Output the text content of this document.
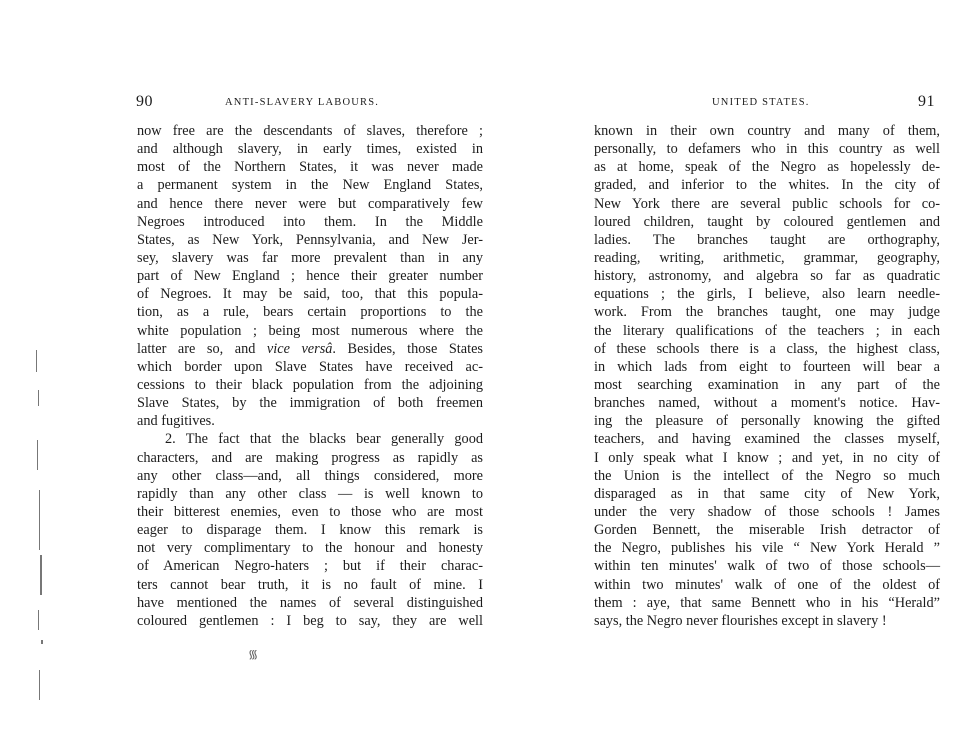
90	ANTI-SLAVERY LABOURS.
now free are the descendants of slaves, therefore ;
and although slavery, in early times, existed in
most of the Northern States, it was never made
a permanent system in the New England States,
and hence there never were but comparatively few
Negroes introduced into them. In the Middle
States, as New York, Pennsylvania, and New Jer-
sey, slavery was far more prevalent than in any
part of New England ; hence their greater number
of Negroes. It may be said, too, that this popula-
tion, as a rule, bears certain proportions to the
white population ; being most numerous where the
latter are so, and vice versâ. Besides, those States
which border upon Slave States have received ac-
cessions to their black population from the adjoining
Slave States, by the immigration of both freemen
and fugitives.
2. The fact that the blacks bear generally good
characters, and are making progress as rapidly as
any other class—and, all things considered, more
rapidly than any other class — is well known to
their bitterest enemies, even to those who are most
eager to disparage them. I know this remark is
not very complimentary to the honour and honesty
of American Negro-haters ; but if their charac-
ters cannot bear truth, it is no fault of mine. I
have mentioned the names of several distinguished
coloured gentlemen : I beg to say, they are well
᯾
UNITED STATES.	91
known in their own country and many of them,
personally, to defamers who in this country as well
as at home, speak of the Negro as hopelessly de-
graded, and inferior to the whites. In the city of
New York there are several public schools for co-
loured children, taught by coloured gentlemen and
ladies. The branches taught are orthography,
reading, writing, arithmetic, grammar, geography,
history, astronomy, and algebra so far as quadratic
equations ; the girls, I believe, also learn needle-
work. From the branches taught, one may judge
the literary qualifications of the teachers ; in each
of these schools there is a class, the highest class,
in which lads from eight to fourteen will bear a
most searching examination in any part of the
branches named, without a moment's notice. Hav-
ing the pleasure of personally knowing the gifted
teachers, and having examined the classes myself,
I only speak what I know ; and yet, in no city of
the Union is the intellect of the Negro so much
disparaged as in that same city of New York,
under the very shadow of those schools ! James
Gorden Bennett, the miserable Irish detractor of
the Negro, publishes his vile “ New York Herald ”
within ten minutes' walk of two of those schools—
within two minutes' walk of one of the oldest of
them : aye, that same Bennett who in his “Herald”
says, the Negro never flourishes except in slavery !
